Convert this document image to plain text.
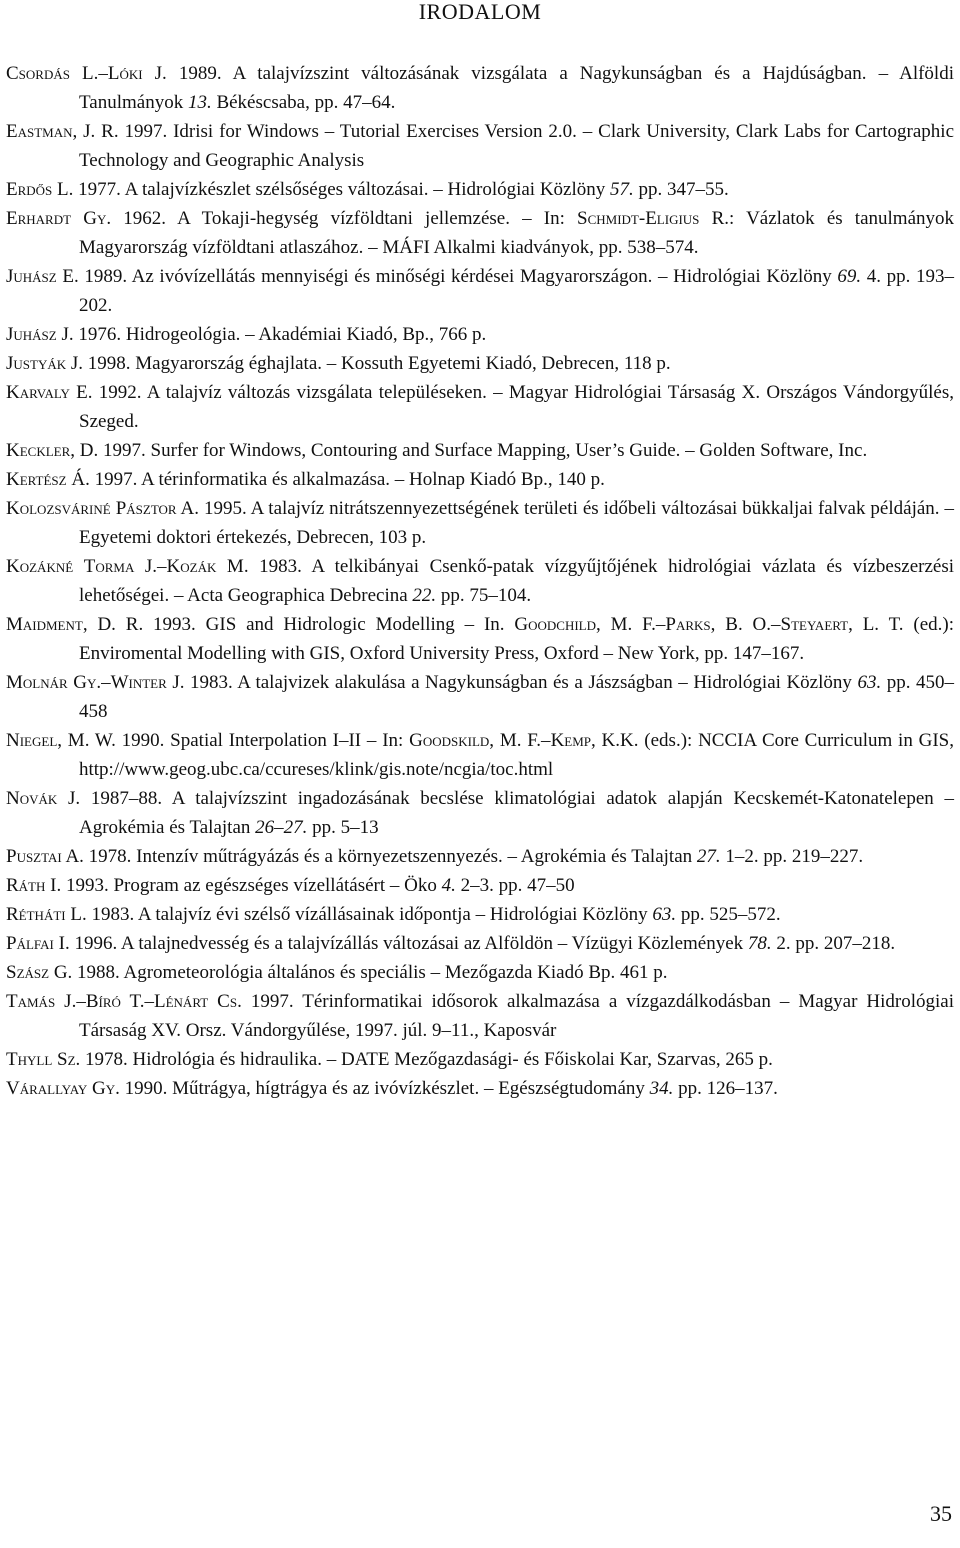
IRODALOM
Csordás L.–Lóki J. 1989. A talajvízszint változásának vizsgálata a Nagykunságban és a Hajdúságban. – Alföldi Tanulmányok 13. Békéscsaba, pp. 47–64.
Eastman, J. R. 1997. Idrisi for Windows – Tutorial Exercises Version 2.0. – Clark University, Clark Labs for Cartographic Technology and Geographic Analysis
Erdős L. 1977. A talajvízkészlet szélsőséges változásai. – Hidrológiai Közlöny 57. pp. 347–55.
Erhardt Gy. 1962. A Tokaji-hegység vízföldtani jellemzése. – In: Schmidt-Eligius R.: Vázlatok és tanulmányok Magyarország vízföldtani atlaszához. – MÁFI Alkalmi kiadványok, pp. 538–574.
Juhász E. 1989. Az ivóvízellátás mennyiségi és minőségi kérdései Magyarországon. – Hidrológiai Közlöny 69. 4. pp. 193–202.
Juhász J. 1976. Hidrogeológia. – Akadémiai Kiadó, Bp., 766 p.
Justyák J. 1998. Magyarország éghajlata. – Kossuth Egyetemi Kiadó, Debrecen, 118 p.
Karvaly E. 1992. A talajvíz változás vizsgálata településeken. – Magyar Hidrológiai Társaság X. Országos Vándorgyűlés, Szeged.
Keckler, D. 1997. Surfer for Windows, Contouring and Surface Mapping, User’s Guide. – Golden Software, Inc.
Kertész Á. 1997. A térinformatika és alkalmazása. – Holnap Kiadó Bp., 140 p.
Kolozsváriné Pásztor A. 1995. A talajvíz nitrátszennyezettségének területi és időbeli változásai bükkaljai falvak példáján. – Egyetemi doktori értekezés, Debrecen, 103 p.
Kozákné Torma J.–Kozák M. 1983. A telkibányai Csenkő-patak vízgyűjtőjének hidrológiai vázlata és vízbeszerzési lehetőségei. – Acta Geographica Debrecina 22. pp. 75–104.
Maidment, D. R. 1993. GIS and Hidrologic Modelling – In. Goodchild, M. F.–Parks, B. O.–Steyaert, L. T. (ed.): Enviromental Modelling with GIS, Oxford University Press, Oxford – New York, pp. 147–167.
Molnár Gy.–Winter J. 1983. A talajvizek alakulása a Nagykunságban és a Jászságban – Hidrológiai Közlöny 63. pp. 450–458
Niegel, M. W. 1990. Spatial Interpolation I–II – In: Goodskild, M. F.–Kemp, K.K. (eds.): NCCIA Core Curriculum in GIS, http://www.geog.ubc.ca/ccureses/klink/gis.note/ncgia/toc.html
Novák J. 1987–88. A talajvízszint ingadozásának becslése klimatológiai adatok alapján Kecskemét-Katonatelepen – Agrokémia és Talajtan 26–27. pp. 5–13
Pusztai A. 1978. Intenzív műtrágyázás és a környezetszennyezés. – Agrokémia és Talajtan 27. 1–2. pp. 219–227.
Ráth I. 1993. Program az egészséges vízellátásért – Öko 4. 2–3. pp. 47–50
Rétháti L. 1983. A talajvíz évi szélső vízállásainak időpontja – Hidrológiai Közlöny 63. pp. 525–572.
Pálfai I. 1996. A talajnedvesség és a talajvízállás változásai az Alföldön – Vízügyi Közlemények 78. 2. pp. 207–218.
Szász G. 1988. Agrometeorológia általános és speciális – Mezőgazda Kiadó Bp. 461 p.
Tamás J.–Bíró T.–Lénárt Cs. 1997. Térinformatikai idősorok alkalmazása a vízgazdálkodásban – Magyar Hidrológiai Társaság XV. Orsz. Vándorgyűlése, 1997. júl. 9–11., Kaposvár
Thyll Sz. 1978. Hidrológia és hidraulika. – DATE Mezőgazdasági- és Főiskolai Kar, Szarvas, 265 p.
Várallyay Gy. 1990. Műtrágya, hígtrágya és az ivóvízkészlet. – Egészségtudomány 34. pp. 126–137.
35
